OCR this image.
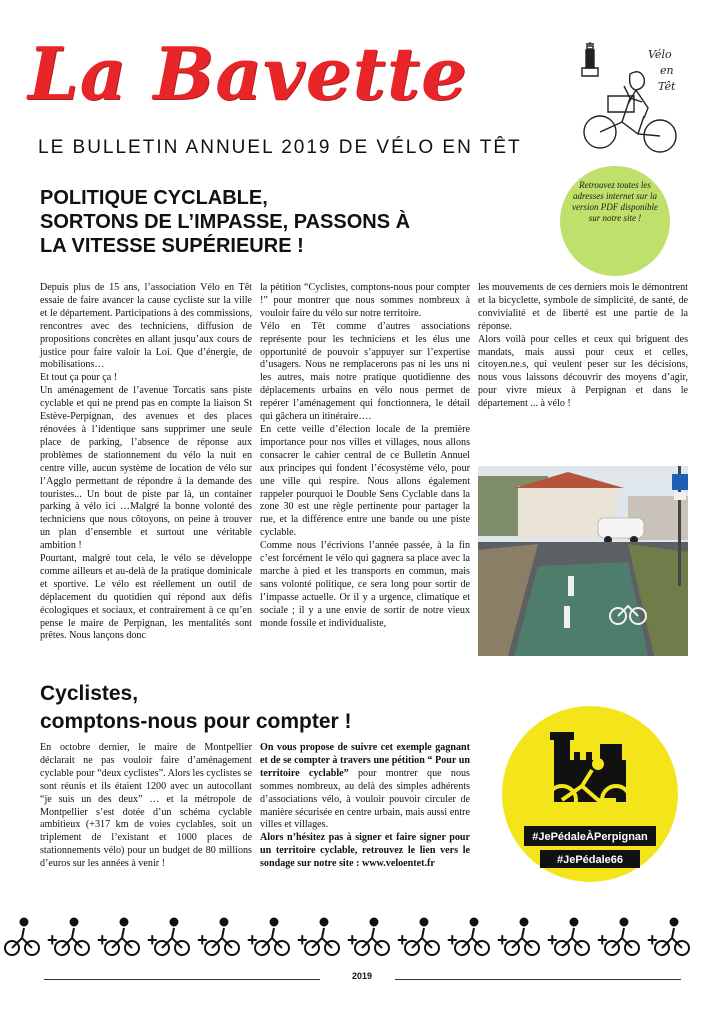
La Bavette
LE BULLETIN ANNUEL 2019 DE VÉLO EN TÊT
Vélo
en
Têt
POLITIQUE CYCLABLE,
SORTONS DE L’IMPASSE, PASSONS À
LA VITESSE SUPÉRIEURE !
Retrouvez toutes les adresses internet sur la version PDF disponible sur notre site !

Depuis plus de 15 ans, l’association Vélo en Têt essaie de faire avancer la cause cycliste sur la ville et le département. Participations à des commissions, rencontres avec des techniciens, diffusion de propositions concrètes en allant jusqu’aux cours de justice pour faire valoir la Loi. Que d’énergie, de mobilisations…

Et tout ça pour ça !

Un aménagement de l’avenue Torcatis sans piste cyclable et qui ne prend pas en compte la liaison St Estève-Perpignan, des avenues et des places rénovées à l’identique sans supprimer une seule place de parking, l’absence de réponse aux problèmes de stationnement du vélo la nuit en centre ville, aucun système de location de vélo sur l’Agglo permettant de répondre à la demande des touristes... Un bout de piste par là, un container parking à vélo ici …Malgré la bonne volonté des techniciens que nous côtoyons, on peine à trouver un plan d’ensemble et surtout une véritable ambition !

Pourtant, malgré tout cela, le vélo se développe comme ailleurs et au-delà de la pratique dominicale et sportive. Le vélo est réellement un outil de déplacement du quotidien qui répond aux défis écologiques et sociaux, et contrairement à ce qu’en pense le maire de Perpignan, les mentalités sont prêtes. Nous lançons donc

la pétition “Cyclistes, comptons-nous pour compter !” pour montrer que nous sommes nombreux à vouloir faire du vélo sur notre territoire.

Vélo en Têt comme d’autres associations représente pour les techniciens et les élus une opportunité de pouvoir s’appuyer sur l’expertise d’usagers. Nous ne remplacerons pas ni les uns ni les autres, mais notre pratique quotidienne des déplacements urbains en vélo nous permet de repérer l’aménagement qui fonctionnera, le détail qui gâchera un itinéraire….

En cette veille d’élection locale de la première importance pour nos villes et villages, nous allons consacrer le cahier central de ce Bulletin Annuel aux principes qui fondent l’écosystème vélo, pour une ville qui respire. Nous allons également rappeler pourquoi le Double Sens Cyclable dans la zone 30 est une règle pertinente pour partager la rue, et la différence entre une bande ou une piste cyclable.

Comme nous l’écrivions l’année passée, à la fin c’est forcément le vélo qui gagnera sa place avec la marche à pied et les transports en commun, mais sans volonté politique, ce sera long pour sortir de l’impasse actuelle. Or il y a urgence, climatique et sociale ; il y a une envie de sortir de notre vieux monde fossile et individualiste,

les mouvements de ces derniers mois le démontrent et la bicyclette, symbole de simplicité, de santé, de convivialité et de liberté est une partie de la réponse.

Alors voilà pour celles et ceux qui briguent des mandats, mais aussi pour ceux et celles, citoyen.ne.s, qui veulent peser sur les décisions, nous vous laissons découvrir des moyens d’agir, pour vivre mieux à Perpignan et dans le département ... à vélo !

Cyclistes,
comptons-nous pour compter !

En octobre dernier, le maire de Montpellier déclarait ne pas vouloir faire d’aménagement cyclable pour “deux cyclistes”. Alors les cyclistes se sont réunis et ils étaient 1200 avec un autocollant “je suis un des deux” … et la métropole de Montpellier s’est dotée d’un schéma cyclable ambitieux (+317 km de voies cyclables, soit un triplement de l’existant et 1000 places de stationnements vélo) pour un budget de 80 millions d’euros sur les années à venir !

On vous propose de suivre cet exemple gagnant et de se compter à travers une pétition “ Pour un territoire cyclable” pour montrer que nous sommes nombreux, au delà des simples adhérents d’associations vélo, à vouloir pouvoir circuler de manière sécurisée en centre urbain, mais aussi entre villes et villages.

Alors n’hésitez pas à signer et faire signer pour un territoire cyclable, retrouvez le lien vers le sondage sur notre site : www.veloentet.fr

#JePédaleÀPerpignan
#JePédale66
+ + + + + + + + + + + + +
2019
